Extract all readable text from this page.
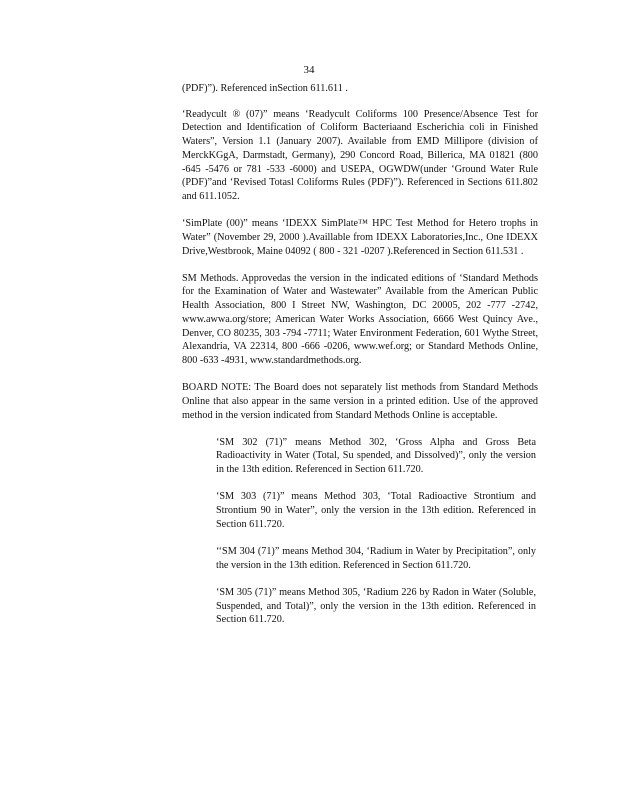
34

(PDF)”). Referenced inSection 611.611 .

‘Readycult ® (07)” means ‘Readycult Coliforms 100 Presence/Absence Test for Detection and Identification of Coliform Bacteriaand Escherichia coli in Finished Waters”, Version 1.1 (January 2007). Available from EMD Millipore (division of MerckKGgA, Darmstadt, Germany), 290 Concord Road, Billerica, MA 01821 (800 -645 -5476 or 781 -533 -6000) and USEPA, OGWDW(under ‘Ground Water Rule (PDF)”and ‘Revised Totasl Coliforms Rules (PDF)”). Referenced in Sections 611.802 and 611.1052.

‘SimPlate (00)” means ‘IDEXX SimPlate™ HPC Test Method for Hetero trophs in Water” (November 29, 2000 ).Availlable from IDEXX Laboratories,Inc., One IDEXX Drive,Westbrook, Maine 04092 ( 800 - 321 -0207 ).Referenced in Section 611.531 .

SM Methods. Approvedas the version in the indicated editions of ‘Standard Methods for the Examination of Water and Wastewater” Available from the American Public Health Association, 800 I Street NW, Washington, DC 20005, 202 -777 -2742, www.awwa.org/store; American Water Works Association, 6666 West Quincy Ave., Denver, CO 80235, 303 -794 -7711; Water Environment Federation, 601 Wythe Street, Alexandria, VA 22314, 800 -666 -0206, www.wef.org; or Standard Methods Online, 800 -633 -4931, www.standardmethods.org.

BOARD NOTE: The Board does not separately list methods from Standard Methods Online that also appear in the same version in a printed edition. Use of the approved method in the version indicated from Standard Methods Online is acceptable.

‘SM 302 (71)” means Method 302, ‘Gross Alpha and Gross Beta Radioactivity in Water (Total, Su spended, and Dissolved)”, only the version in the 13th edition. Referenced in Section 611.720.

‘SM 303 (71)” means Method 303, ‘Total Radioactive Strontium and Strontium 90 in Water”, only the version in the 13th edition. Referenced in Section 611.720.

‘‘SM 304 (71)” means Method 304, ‘Radium in Water by Precipitation”, only the version in the 13th edition. Referenced in Section 611.720.

‘SM 305 (71)” means Method 305, ‘Radium 226 by Radon in Water (Soluble, Suspended, and Total)”, only the version in the 13th edition. Referenced in Section 611.720.
